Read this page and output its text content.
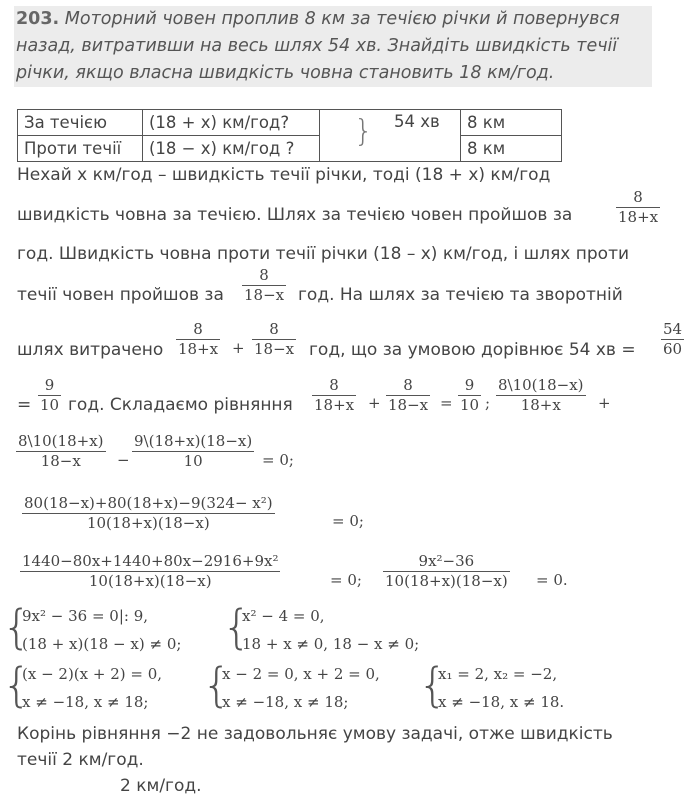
203. Моторний човен проплив 8 км за течією річки й повернувся назад, витративши на весь шлях 54 хв. Знайдіть швидкість течії річки, якщо власна швидкість човна становить 18 км/год.
За течією	(18 + x) км/год?	} 54 хв	8 км
Проти течії	(18 − x) км/год ?		8 км
Нехай x км/год – швидкість течії річки, тоді (18 + x) км/год
швидкість човна за течією. Шлях за течією човен пройшов за
8
18+x
год. Швидкість човна проти течії річки (18 – x) км/год, і шлях проти
течії човен пройшов за
8
18−x год. На шлях за течією та зворотній
шлях витрачено
8
18+x +
8
18−x год, що за умовою дорівнює 54 хв =
54
60
=
9
10 год. Складаємо рівняння
8
18+x +
8
18−x =
9
10 ;
8\10(18−x)
18+x +
8\10(18+x)
18−x −
9\(18+x)(18−x)
10	= 0;
80(18−x)+80(18+x)−9(324− x²)
10(18+x)(18−x)	= 0;
1440−80x+1440+80x−2916+9x²
10(18+x)(18−x)	= 0;
9x²−36
10(18+x)(18−x) = 0.
{
9x² − 36 = 0|: 9,
(18 + x)(18 − x) ≠ 0; {
x² − 4 = 0,
18 + x ≠ 0, 18 − x ≠ 0;
{
(x − 2)(x + 2) = 0,
x ≠ −18, x ≠ 18; {
x − 2 = 0, x + 2 = 0,
x ≠ −18, x ≠ 18; {
x₁ = 2, x₂ = −2,
x ≠ −18, x ≠ 18.
Корінь рівняння −2 не задовольняє умову задачі, отже швидкість
течії 2 км/год.
2 км/год.
